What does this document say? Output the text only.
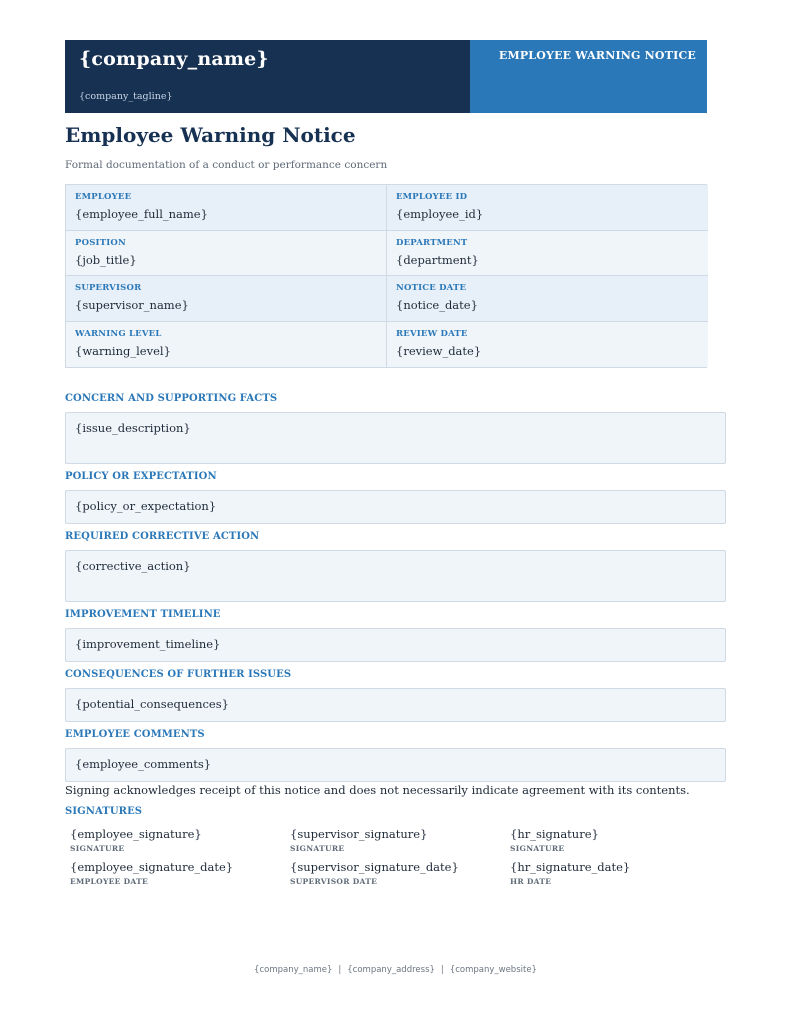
{company_name}
{company_tagline}
EMPLOYEE WARNING NOTICE
Employee Warning Notice
Formal documentation of a conduct or performance concern
EMPLOYEE
{employee_full_name}
EMPLOYEE ID
{employee_id}
POSITION
{job_title}
DEPARTMENT
{department}
SUPERVISOR
{supervisor_name}
NOTICE DATE
{notice_date}
WARNING LEVEL
{warning_level}
REVIEW DATE
{review_date}
CONCERN AND SUPPORTING FACTS
{issue_description}
POLICY OR EXPECTATION
{policy_or_expectation}
REQUIRED CORRECTIVE ACTION
{corrective_action}
IMPROVEMENT TIMELINE
{improvement_timeline}
CONSEQUENCES OF FURTHER ISSUES
{potential_consequences}
EMPLOYEE COMMENTS
{employee_comments}
Signing acknowledges receipt of this notice and does not necessarily indicate agreement with its contents.
SIGNATURES
{employee_signature}
SIGNATURE
{employee_signature_date}
EMPLOYEE DATE
{supervisor_signature}
SIGNATURE
{supervisor_signature_date}
SUPERVISOR DATE
{hr_signature}
SIGNATURE
{hr_signature_date}
HR DATE
{company_name} | {company_address} | {company_website}
